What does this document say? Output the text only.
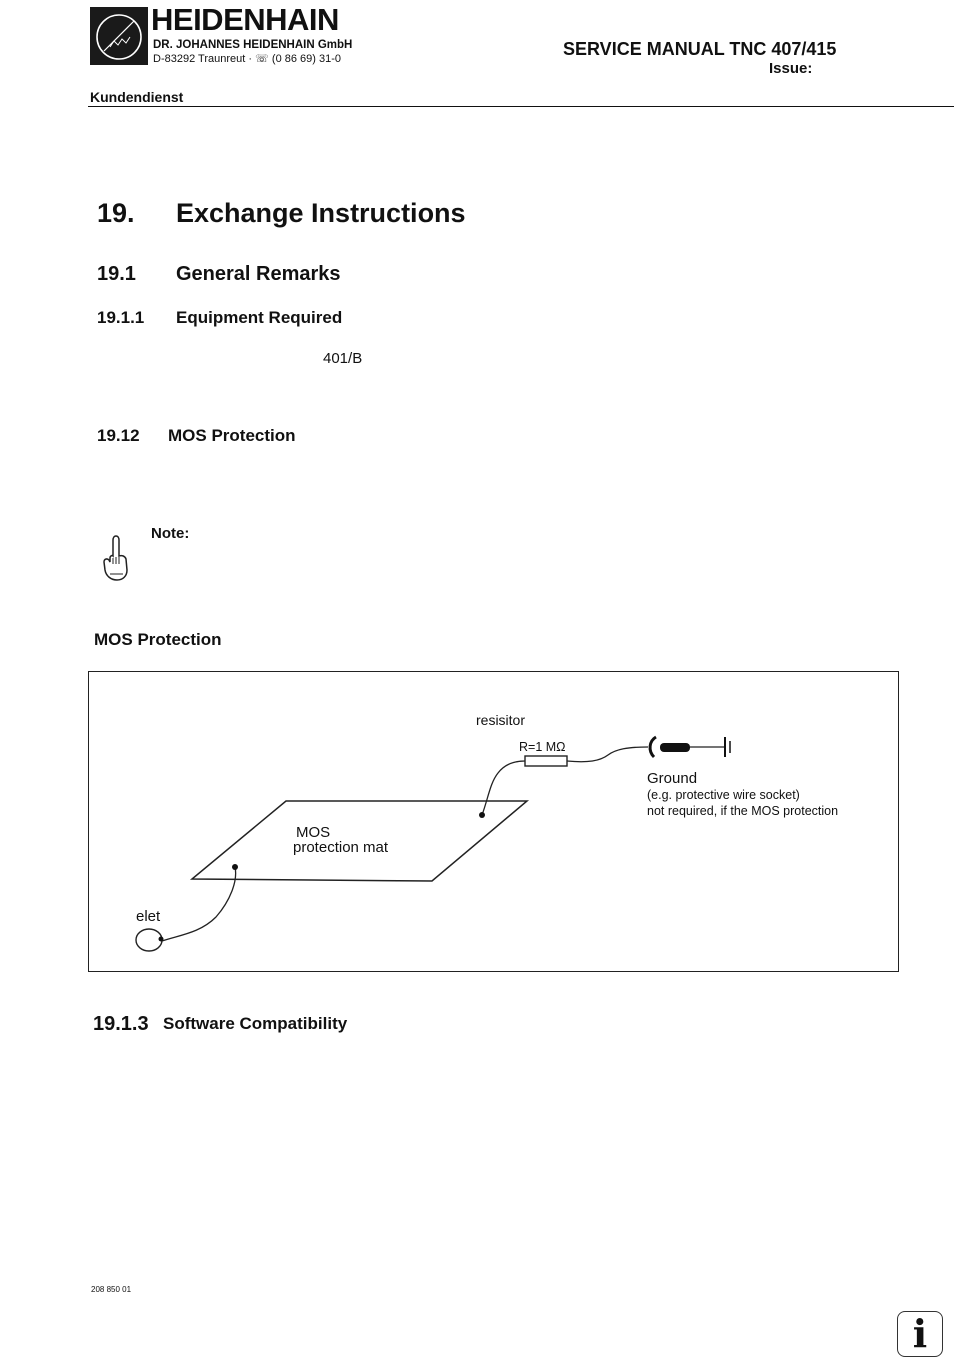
HEIDENHAIN
DR. JOHANNES HEIDENHAIN GmbH
D-83292 Traunreut · ☏ (0 86 69) 31-0	SERVICE MANUAL TNC 407/415
Issue:
Kundendienst
19. Exchange Instructions
19.1 General Remarks
19.1.1 Equipment Required
401/B
19.12 MOS Protection
Note:
MOS Protection
resisitor
R=1 MΩ
Ground
(e.g. protective wire socket)
not required, if the MOS protection
MOS
protection mat
elet
19.1.3 Software Compatibility
208 850 01
i
